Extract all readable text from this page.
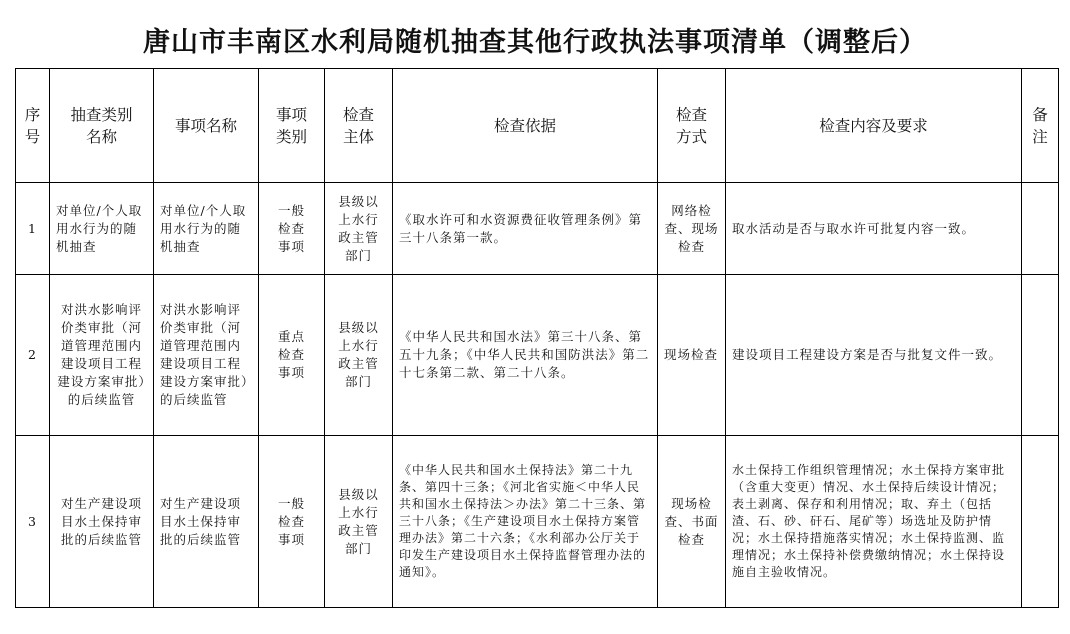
唐山市丰南区水利局随机抽查其他行政执法事项清单（调整后）
序号	抽查类别名称	事项名称	事项类别	检查主体	检查依据	检查方式	检查内容及要求	备注
1	对单位/个人取用水行为的随机抽查	对单位/个人取用水行为的随机抽查	一般检查事项	县级以上水行政主管部门	《取水许可和水资源费征收管理条例》第三十八条第一款。	网络检查、现场检查	取水活动是否与取水许可批复内容一致。	
2	对洪水影响评价类审批（河道管理范围内建设项目工程建设方案审批）的后续监管	对洪水影响评价类审批（河道管理范围内建设项目工程建设方案审批）的后续监管	重点检查事项	县级以上水行政主管部门	《中华人民共和国水法》第三十八条、第五十九条；《中华人民共和国防洪法》第二十七条第二款、第二十八条。	现场检查	建设项目工程建设方案是否与批复文件一致。	
3	对生产建设项目水土保持审批的后续监管	对生产建设项目水土保持审批的后续监管	一般检查事项	县级以上水行政主管部门	《中华人民共和国水土保持法》第二十九条、第四十三条；《河北省实施＜中华人民共和国水土保持法＞办法》第二十三条、第三十八条；《生产建设项目水土保持方案管理办法》第二十六条；《水利部办公厅关于印发生产建设项目水土保持监督管理办法的通知》。	现场检查、书面检查	水土保持工作组织管理情况；水土保持方案审批（含重大变更）情况、水土保持后续设计情况；表土剥离、保存和利用情况；取、弃土（包括渣、石、砂、矸石、尾矿等）场选址及防护情况；水土保持措施落实情况；水土保持监测、监理情况；水土保持补偿费缴纳情况；水土保持设施自主验收情况。	
